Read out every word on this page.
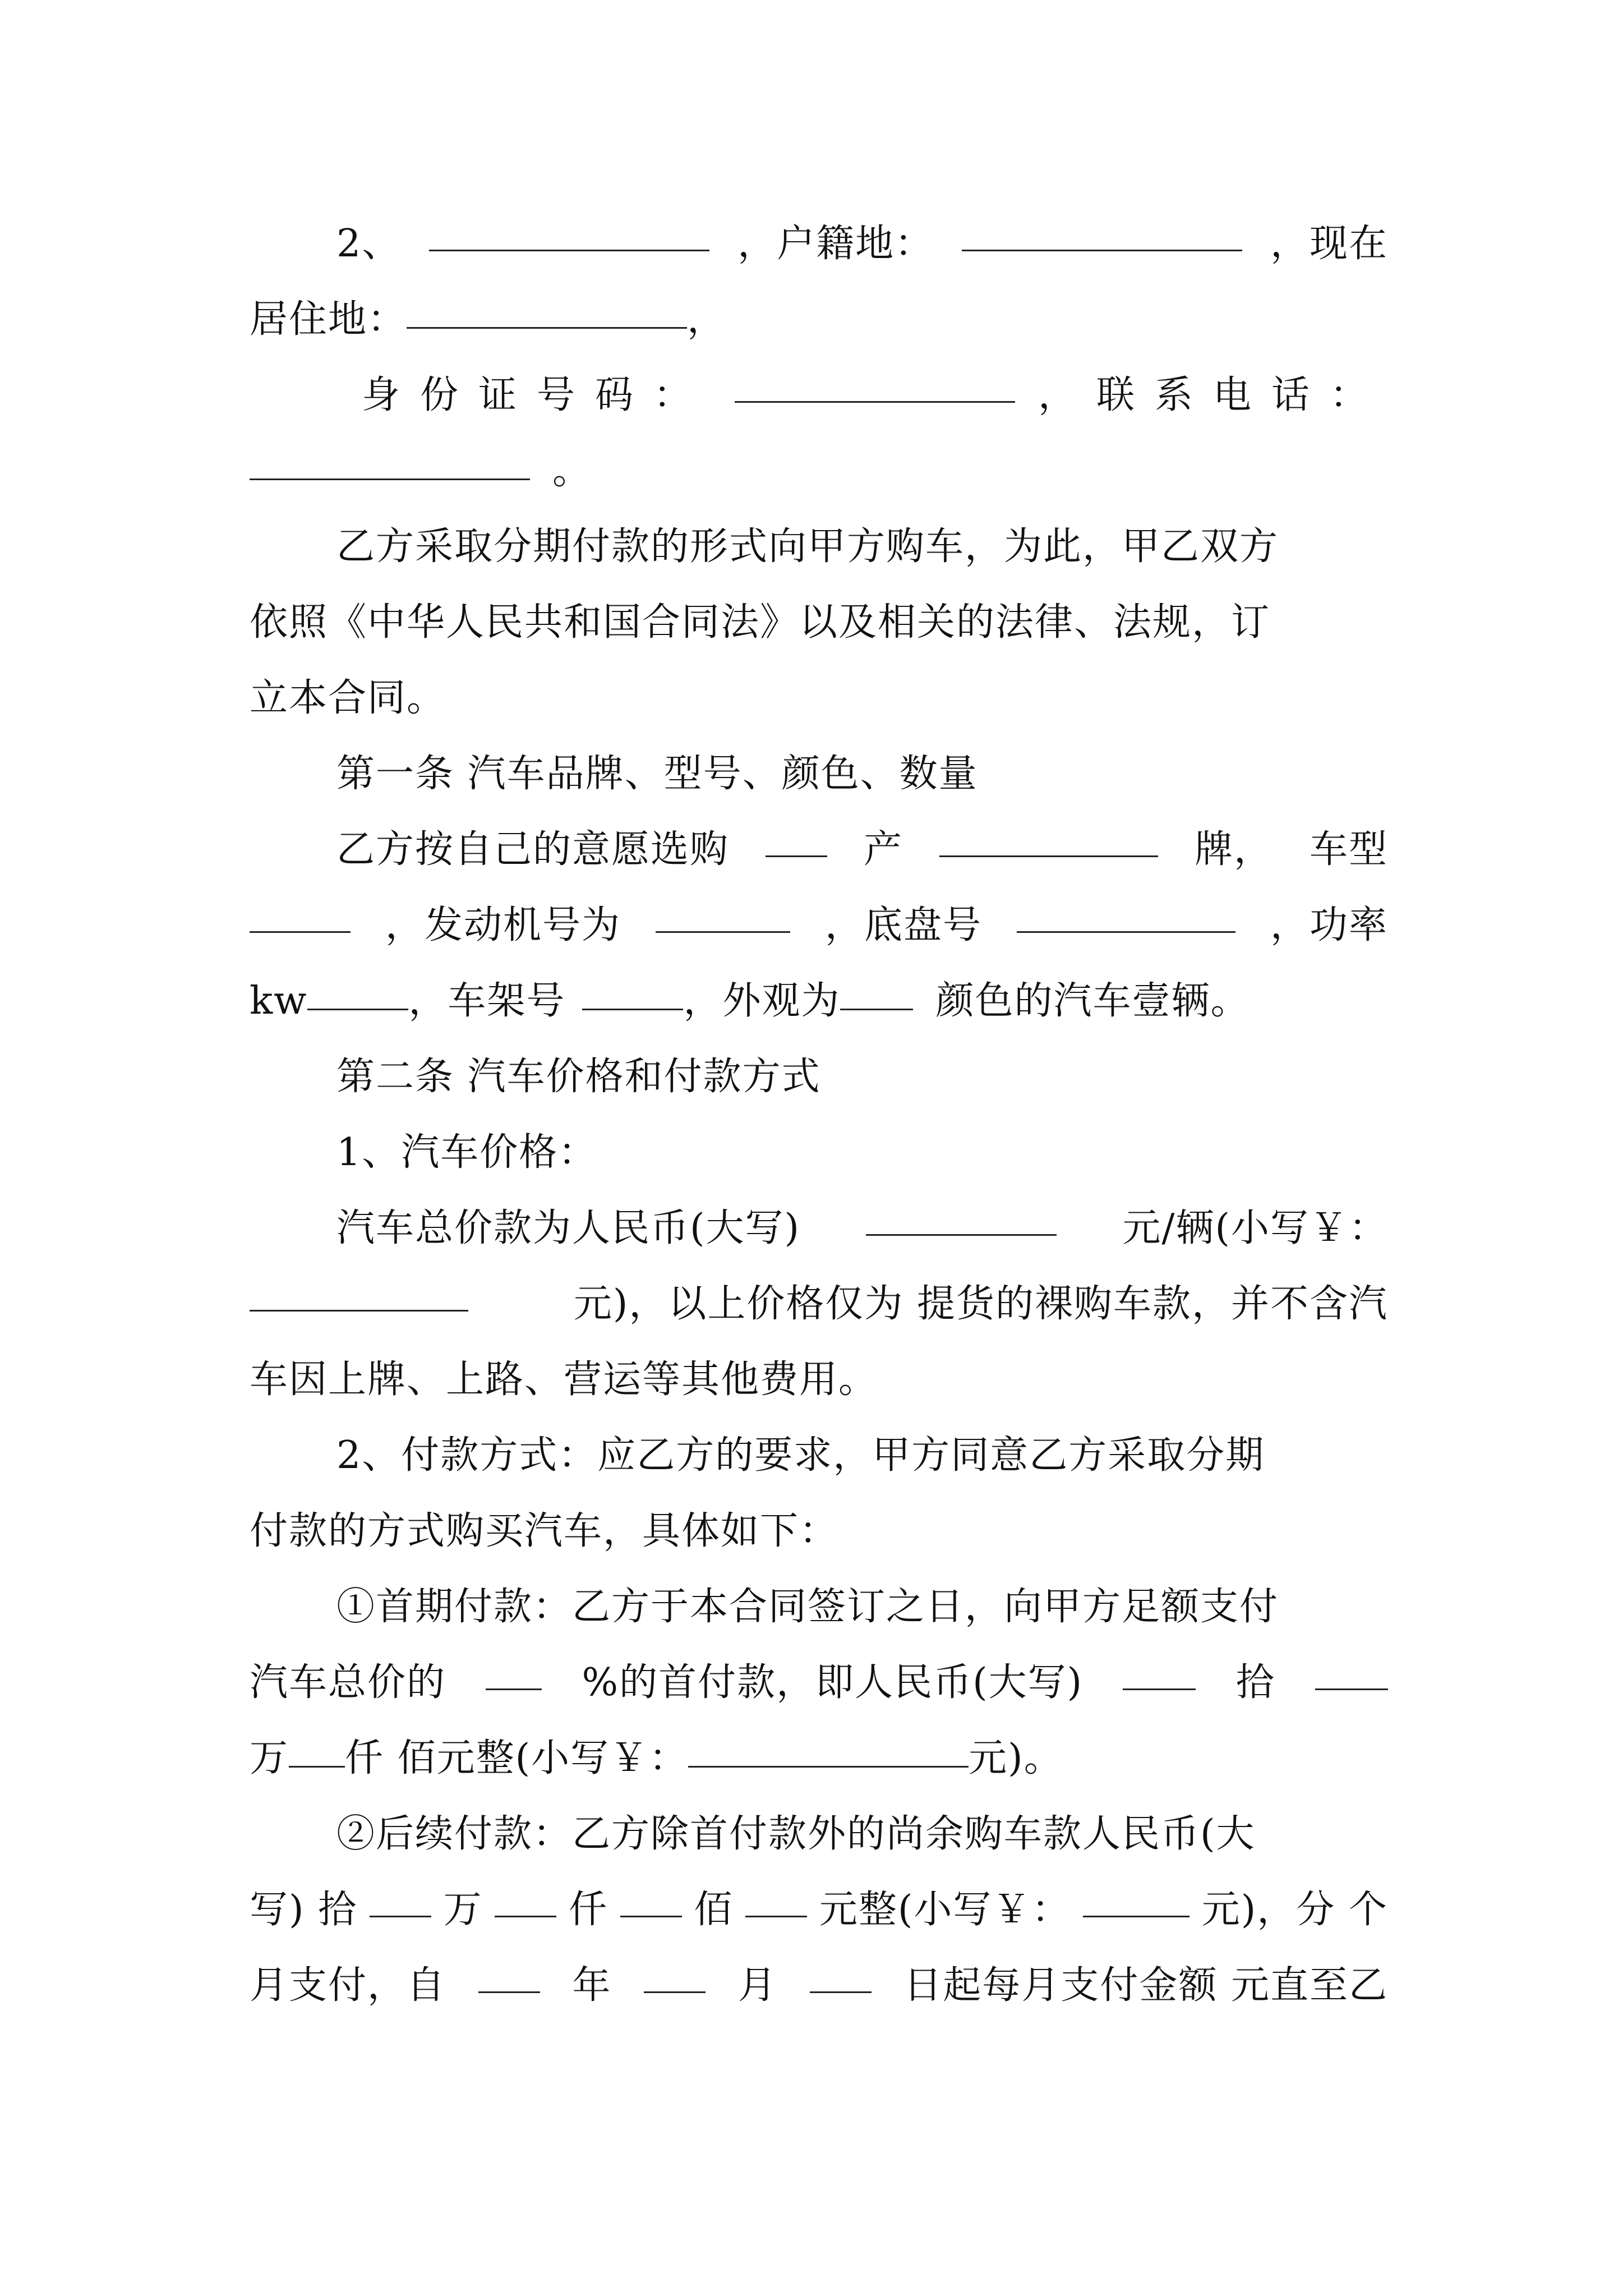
2、	，户籍地：	，现在
居住地：	，
身份证号码：	，联系电话：
。
乙方采取分期付款的形式向甲方购车，为此，甲乙双方
依照《中华人民共和国合同法》以及相关的法律、法规，订
立本合同。
第一条 汽车品牌、型号、颜色、数量
乙方按自己的意愿选购	产	牌， 车型
，发动机号为	，底盘号	，功率
kw	，车架号	，外观为	颜色的汽车壹辆。
第二条 汽车价格和付款方式
1、汽车价格：
汽车总价款为人民币(大写)	元/辆(小写￥：
元)，以上价格仅为 提货的裸购车款，并不含汽
车因上牌、上路、营运等其他费用。
2、付款方式：应乙方的要求，甲方同意乙方采取分期
付款的方式购买汽车，具体如下：
①首期付款：乙方于本合同签订之日，向甲方足额支付
汽车总价的	%的首付款，即人民币(大写)	拾
万 仟 佰元整(小写￥：	元)。
②后续付款：乙方除首付款外的尚余购车款人民币(大
写) 拾 万 仟 佰 元整(小写￥：	元)，分 个
月支付，自	年	月	日起每月支付金额 元直至乙
